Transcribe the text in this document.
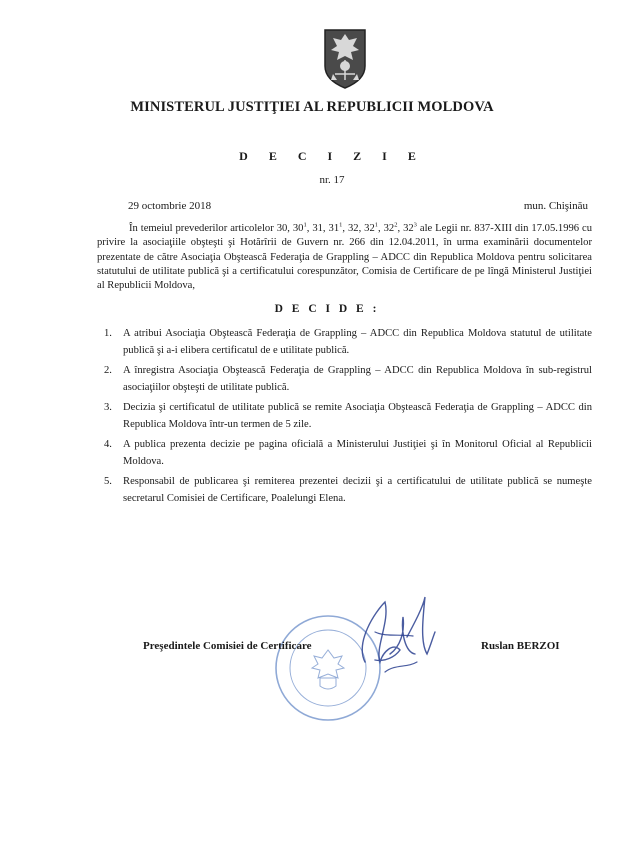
MINISTERUL JUSTIŢIEI AL REPUBLICII MOLDOVA
D E C I Z I E
nr. 17
29 octombrie 2018	mun. Chişinău

În temeiul prevederilor articolelor 30, $30^1$, 31, $31^1$, 32, $32^1$, $32^2$, $32^3$ ale Legii nr. 837-XIII din 17.05.1996 cu privire la asociaţiile obşteşti şi Hotărîrii de Guvern nr. 266 din 12.04.2011, în urma examinării documentelor prezentate de către Asociaţia Obştească Federaţia de Grappling – ADCC din Republica Moldova pentru solicitarea statutului de utilitate publică şi a certificatului corespunzător, Comisia de Certificare de pe lîngă Ministerul Justiţiei al Republicii Moldova,

D E C I D E :
1. A atribui Asociaţia Obştească Federaţia de Grappling – ADCC din Republica Moldova statutul de utilitate publică şi a-i elibera certificatul de e utilitate publică.
2. A înregistra Asociaţia Obştească Federaţia de Grappling – ADCC din Republica Moldova în sub-registrul asociaţiilor obşteşti de utilitate publică.
3. Decizia şi certificatul de utilitate publică se remite Asociaţia Obştească Federaţia de Grappling – ADCC din Republica Moldova într-un termen de 5 zile.
4. A publica prezenta decizie pe pagina oficială a Ministerului Justiţiei şi în Monitorul Oficial al Republicii Moldova.
5. Responsabil de publicarea şi remiterea prezentei decizii şi a certificatului de utilitate publică se numeşte secretarul Comisiei de Certificare, Poalelungi Elena.
Preşedintele Comisiei de Certificare	Ruslan BERZOI
